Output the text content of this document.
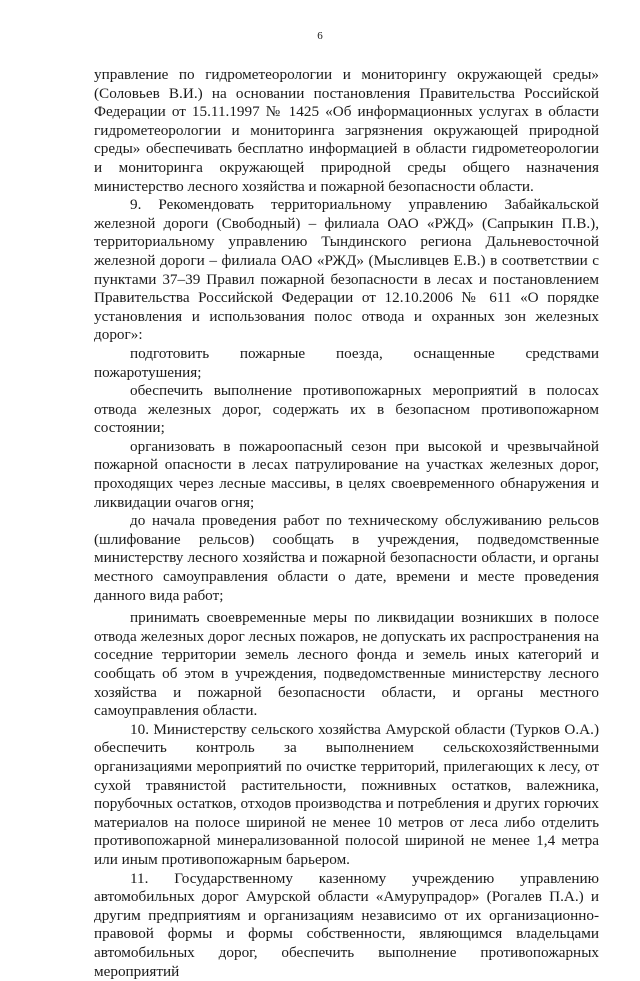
6

управление по гидрометеорологии и мониторингу окружающей среды» (Соловьев В.И.) на основании постановления Правительства Российской Федерации от 15.11.1997 № 1425 «Об информационных услугах в области гидрометеорологии и мониторинга загрязнения окружающей природной среды» обеспечивать бесплатно информацией в области гидрометеорологии и мониторинга окружающей природной среды общего назначения министерство лесного хозяйства и пожарной безопасности области.

9. Рекомендовать территориальному управлению Забайкальской железной дороги (Свободный) – филиала ОАО «РЖД» (Сапрыкин П.В.), территориальному управлению Тындинского региона Дальневосточной железной дороги – филиала ОАО «РЖД» (Мысливцев Е.В.) в соответствии с пунктами 37–39 Правил пожарной безопасности в лесах и постановлением Правительства Российской Федерации от 12.10.2006 № 611 «О порядке установления и использования полос отвода и охранных зон железных дорог»:

подготовить пожарные поезда, оснащенные средствами пожаротушения;

обеспечить выполнение противопожарных мероприятий в полосах отвода железных дорог, содержать их в безопасном противопожарном состоянии;

организовать в пожароопасный сезон при высокой и чрезвычайной пожарной опасности в лесах патрулирование на участках железных дорог, проходящих через лесные массивы, в целях своевременного обнаружения и ликвидации очагов огня;

до начала проведения работ по техническому обслуживанию рельсов (шлифование рельсов) сообщать в учреждения, подведомственные министерству лесного хозяйства и пожарной безопасности области, и органы местного самоуправления области о дате, времени и месте проведения данного вида работ;

принимать своевременные меры по ликвидации возникших в полосе отвода железных дорог лесных пожаров, не допускать их распространения на соседние территории земель лесного фонда и земель иных категорий и сообщать об этом в учреждения, подведомственные министерству лесного хозяйства и пожарной безопасности области, и органы местного самоуправления области.

10. Министерству сельского хозяйства Амурской области (Турков О.А.) обеспечить контроль за выполнением сельскохозяйственными организациями мероприятий по очистке территорий, прилегающих к лесу, от сухой травянистой растительности, пожнивных остатков, валежника, порубочных остатков, отходов производства и потребления и других горючих материалов на полосе шириной не менее 10 метров от леса либо отделить противопожарной минерализованной полосой шириной не менее 1,4 метра или иным противопожарным барьером.

11. Государственному казенному учреждению управлению автомобильных дорог Амурской области «Амурупрадор» (Рогалев П.А.) и другим предприятиям и организациям независимо от их организационно-правовой формы и формы собственности, являющимся владельцами автомобильных дорог, обеспечить выполнение противопожарных мероприятий
